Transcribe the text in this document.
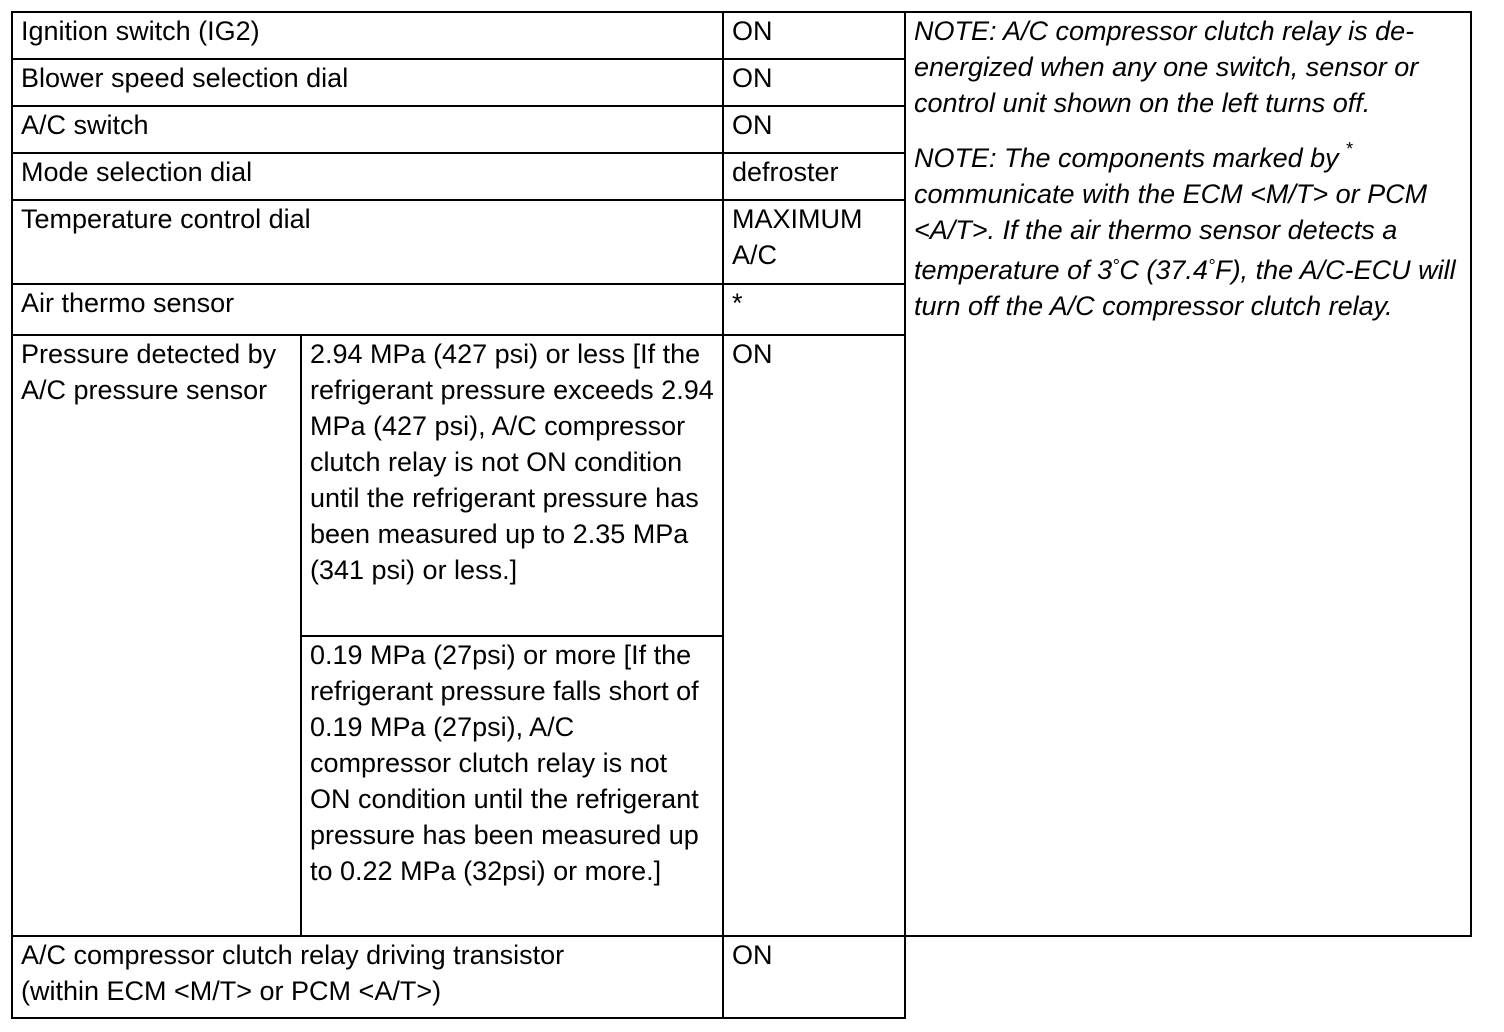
Ignition switch (IG2)		ON	NOTE: A/C compressor clutch relay is de-energized when any one switch, sensor or control unit shown on the left turns off.

NOTE: The components marked by * communicate with the ECM <M/T> or PCM <A/T>. If the air thermo sensor detects a temperature of 3°C (37.4°F), the A/C-ECU will turn off the A/C compressor clutch relay.

Blower speed selection dial		ON	
A/C switch		ON	
Mode selection dial		defroster	
Temperature control dial		MAXIMUM
A/C	

Air thermo sensor		*	
Pressure detected by A/C pressure sensor	2.94 MPa (427 psi) or less [If the refrigerant pressure exceeds 2.94 MPa (427 psi), A/C compressor clutch relay is not ON condition until the refrigerant pressure has been measured up to 2.35 MPa (341 psi) or less.]	ON	
	0.19 MPa (27psi) or more [If the refrigerant pressure falls short of 0.19 MPa (27psi), A/C compressor clutch relay is not ON condition until the refrigerant pressure has been measured up to 0.22 MPa (32psi) or more.]		

A/C compressor clutch relay driving transistor
(within ECM <M/T> or PCM <A/T>)		ON	
